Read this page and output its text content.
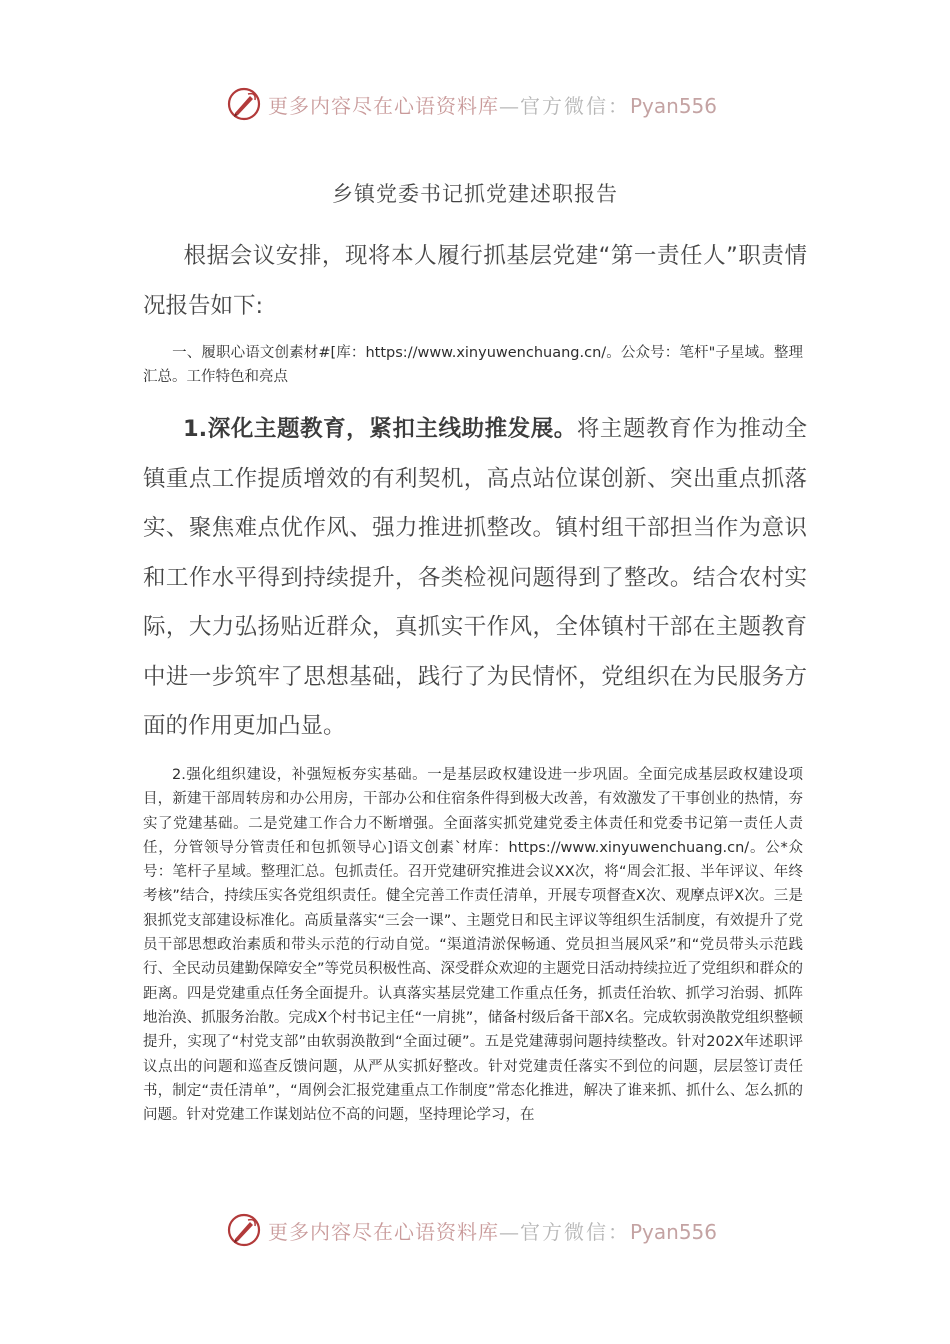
更多内容尽在心语资料库—官方微信：Pyan556
乡镇党委书记抓党建述职报告
根据会议安排，现将本人履行抓基层党建“第一责任人”职责情况报告如下:
一、履职心语文创素材#[库：https://www.xinyuwenchuang.cn/。公众号：笔杆"子星域。整理汇总。工作特色和亮点
1.深化主题教育，紧扣主线助推发展。将主题教育作为推动全镇重点工作提质增效的有利契机，高点站位谋创新、突出重点抓落实、聚焦难点优作风、强力推进抓整改。镇村组干部担当作为意识和工作水平得到持续提升，各类检视问题得到了整改。结合农村实际，大力弘扬贴近群众，真抓实干作风，全体镇村干部在主题教育中进一步筑牢了思想基础，践行了为民情怀，党组织在为民服务方面的作用更加凸显。
2.强化组织建设，补强短板夯实基础。一是基层政权建设进一步巩固。全面完成基层政权建设项目，新建干部周转房和办公用房，干部办公和住宿条件得到极大改善，有效激发了干事创业的热情，夯实了党建基础。二是党建工作合力不断增强。全面落实抓党建党委主体责任和党委书记第一责任人责任，分管领导分管责任和包抓领导心]语文创素`材库：https://www.xinyuwenchuang.cn/。公*众号：笔杆子星域。整理汇总。包抓责任。召开党建研究推进会议XX次，将“周会汇报、半年评议、年终考核”结合，持续压实各党组织责任。健全完善工作责任清单，开展专项督查X次、观摩点评X次。三是狠抓党支部建设标准化。高质量落实“三会一课”、主题党日和民主评议等组织生活制度，有效提升了党员干部思想政治素质和带头示范的行动自觉。“渠道清淤保畅通、党员担当展风采”和“党员带头示范践行、全民动员建勤保障安全”等党员积极性高、深受群众欢迎的主题党日活动持续拉近了党组织和群众的距离。四是党建重点任务全面提升。认真落实基层党建工作重点任务，抓责任治软、抓学习治弱、抓阵地治涣、抓服务治散。完成X个村书记主任“一肩挑”，储备村级后备干部X名。完成软弱涣散党组织整顿提升，实现了“村党支部”由软弱涣散到“全面过硬”。五是党建薄弱问题持续整改。针对202X年述职评议点出的问题和巡查反馈问题，从严从实抓好整改。针对党建责任落实不到位的问题，层层签订责任书，制定“责任清单”，“周例会汇报党建重点工作制度”常态化推进，解决了谁来抓、抓什么、怎么抓的问题。针对党建工作谋划站位不高的问题，坚持理论学习，在
更多内容尽在心语资料库—官方微信：Pyan556
